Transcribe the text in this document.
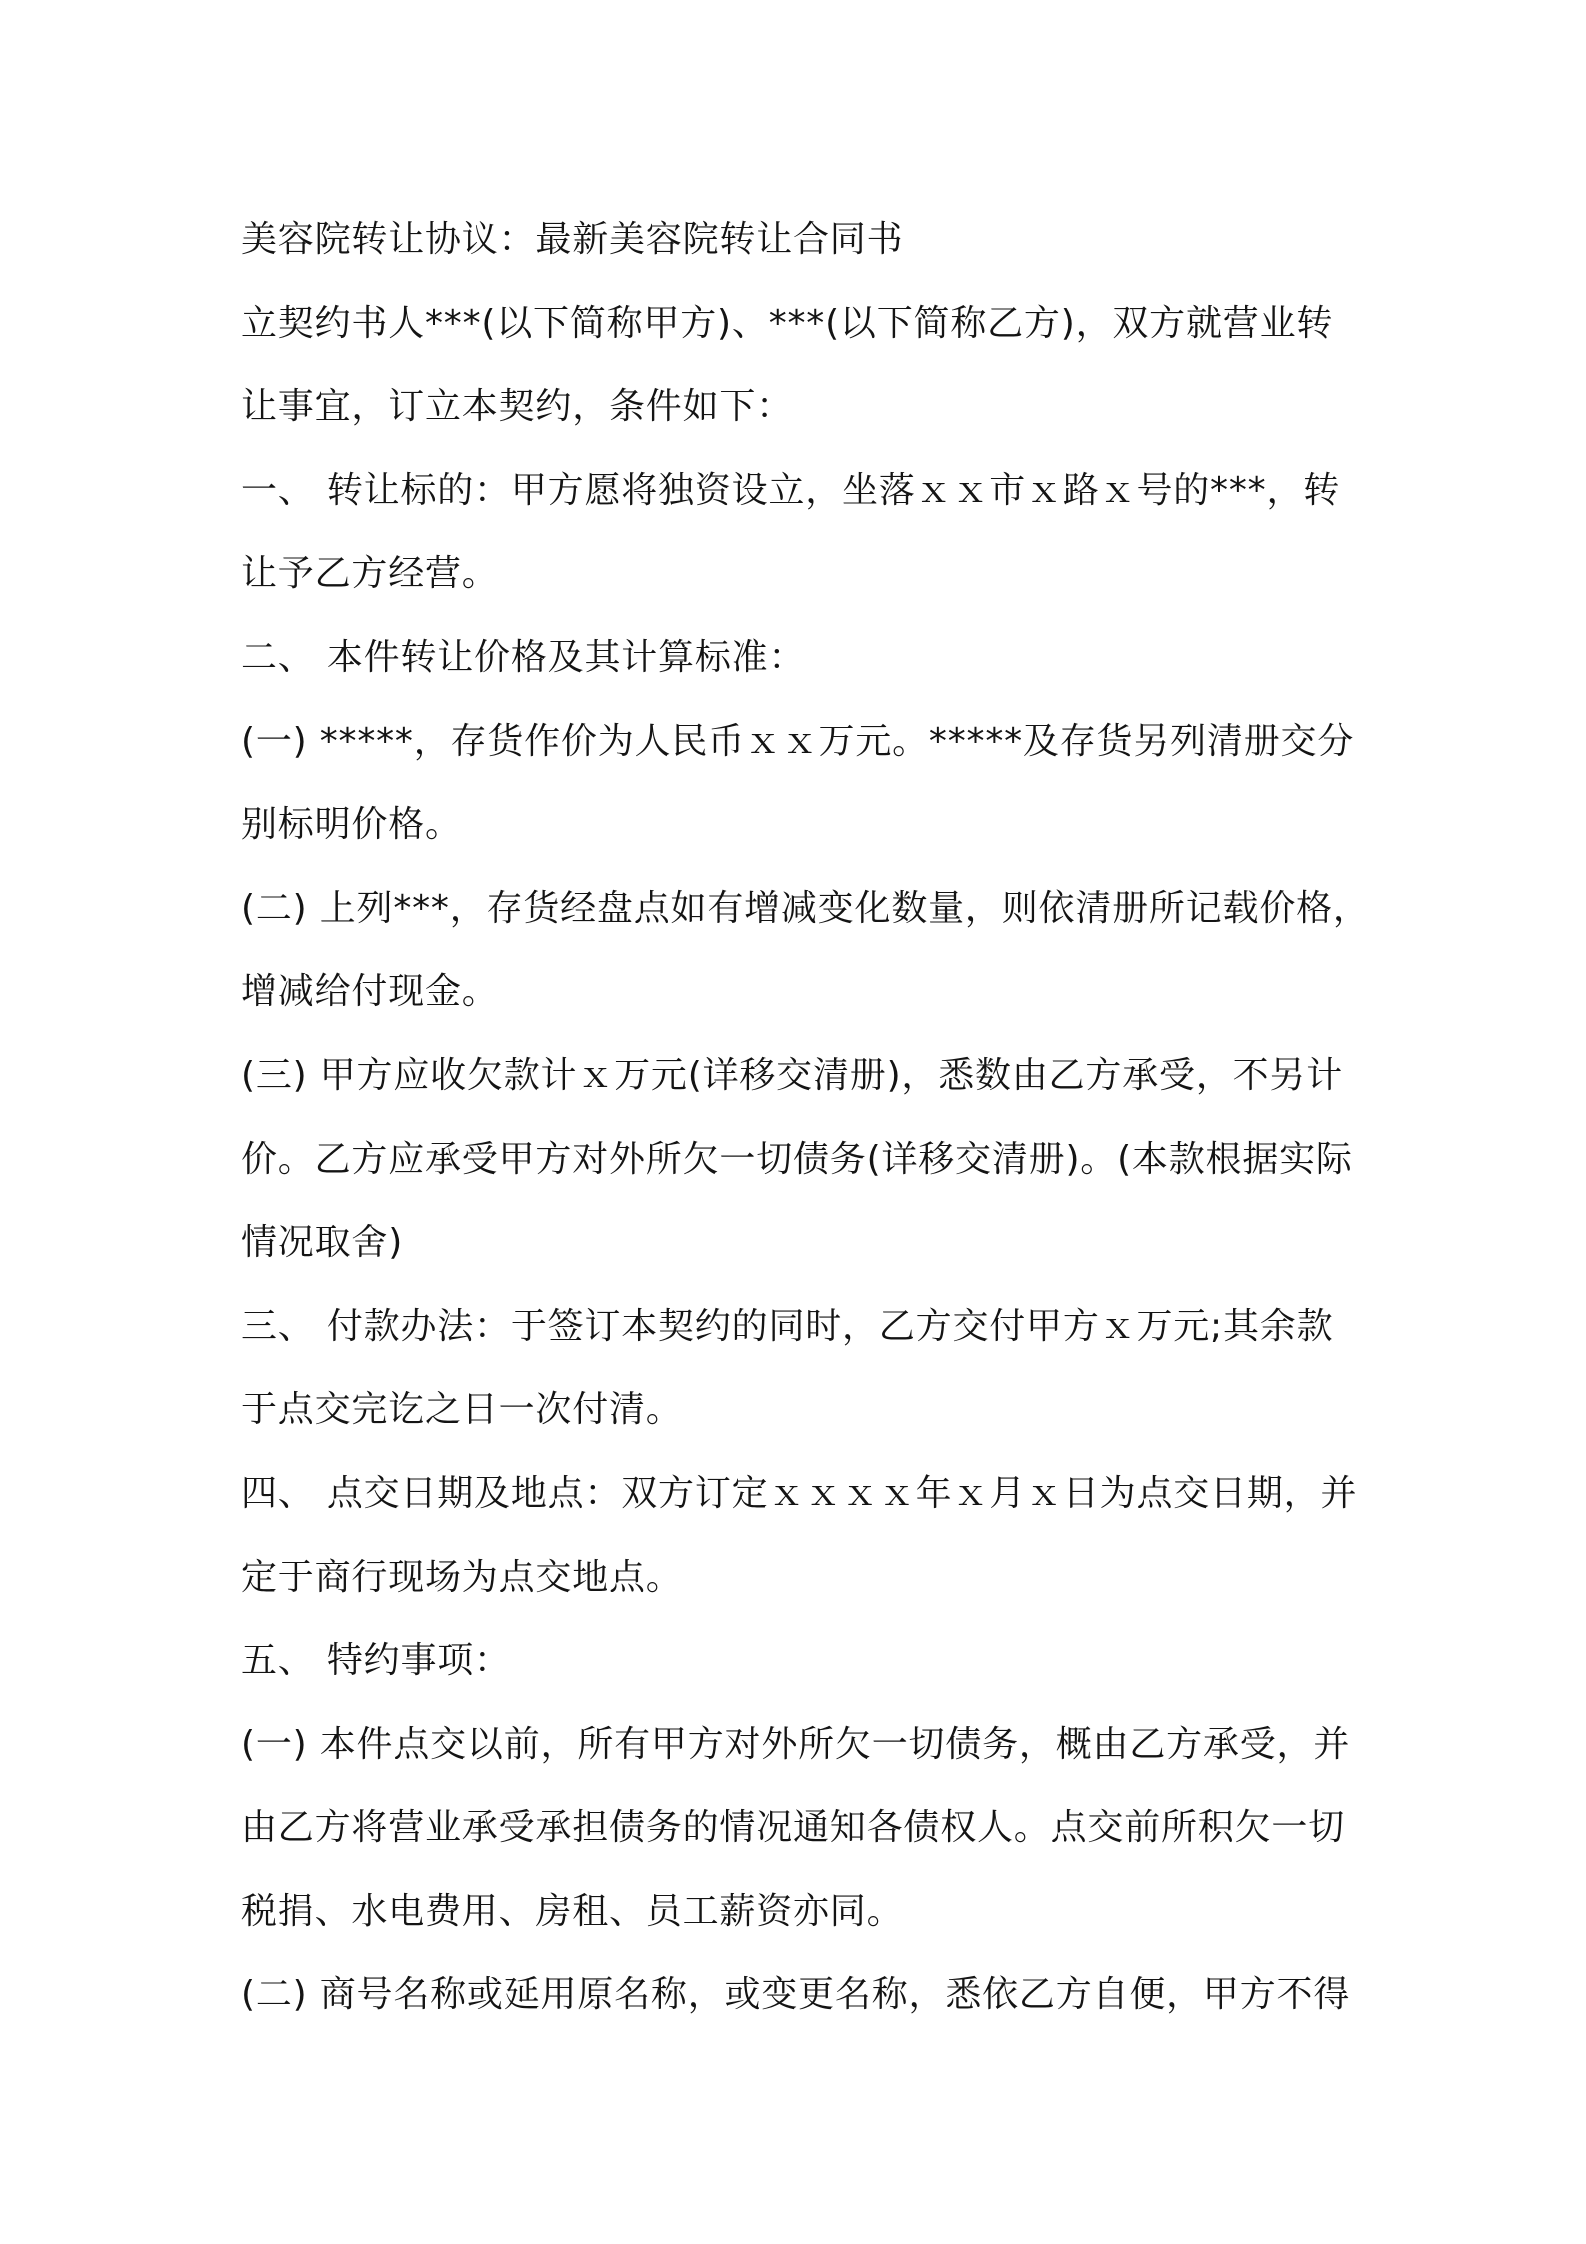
美容院转让协议：最新美容院转让合同书
立契约书人***(以下简称甲方)、***(以下简称乙方)，双方就营业转
让事宜，订立本契约，条件如下：
一、 转让标的：甲方愿将独资设立，坐落ｘｘ市ｘ路ｘ号的***，转
让予乙方经营。
二、 本件转让价格及其计算标准：
(一) *****，存货作价为人民币ｘｘ万元。*****及存货另列清册交分
别标明价格。
(二) 上列***，存货经盘点如有增减变化数量，则依清册所记载价格，
增减给付现金。
(三) 甲方应收欠款计ｘ万元(详移交清册)，悉数由乙方承受，不另计
价。乙方应承受甲方对外所欠一切债务(详移交清册)。(本款根据实际
情况取舍)
三、 付款办法：于签订本契约的同时，乙方交付甲方ｘ万元;其余款
于点交完讫之日一次付清。
四、 点交日期及地点：双方订定ｘｘｘｘ年ｘ月ｘ日为点交日期，并
定于商行现场为点交地点。
五、 特约事项：
(一) 本件点交以前，所有甲方对外所欠一切债务，概由乙方承受，并
由乙方将营业承受承担债务的情况通知各债权人。点交前所积欠一切
税捐、水电费用、房租、员工薪资亦同。
(二) 商号名称或延用原名称，或变更名称，悉依乙方自便，甲方不得
